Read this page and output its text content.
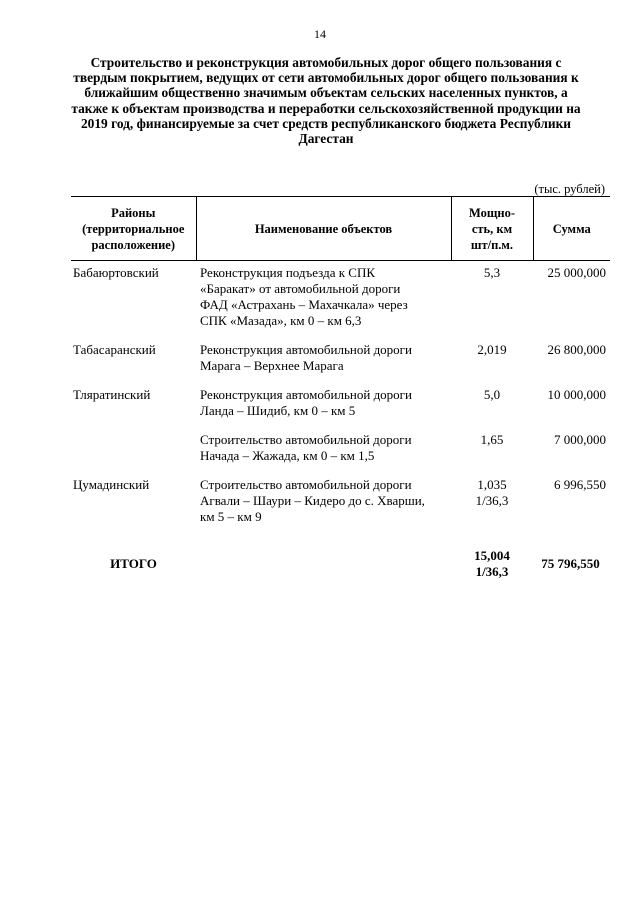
14
Строительство и реконструкция автомобильных дорог общего пользования с
твердым покрытием, ведущих от сети автомобильных дорог общего пользования к
ближайшим общественно значимым объектам сельских населенных пунктов, а
также к объектам производства и переработки сельскохозяйственной продукции на
2019 год, финансируемые за счет средств республиканского бюджета Республики
Дагестан
(тыс. рублей)
Районы
(территориальное
расположение)	Наименование объектов	Мощно-
сть, км
шт/п.м.	Сумма
Бабаюртовский	Реконструкция подъезда к СПК
«Баракат» от автомобильной дороги
ФАД «Астрахань – Махачкала» через
СПК «Мазада», км 0 – км 6,3	5,3	25 000,000
Табасаранский	Реконструкция автомобильной дороги
Марага – Верхнее Марага	2,019	26 800,000
Тляратинский	Реконструкция автомобильной дороги
Ланда – Шидиб, км 0 – км 5	5,0	10 000,000

	Строительство автомобильной дороги
Начада – Жажада, км 0 – км 1,5	1,65	7 000,000
Цумадинский	Строительство автомобильной дороги
Агвали – Шаури – Кидеро до с. Хварши,
км 5 – км 9	1,035
1/36,3	6 996,550
ИТОГО		15,004
1/36,3	75 796,550
